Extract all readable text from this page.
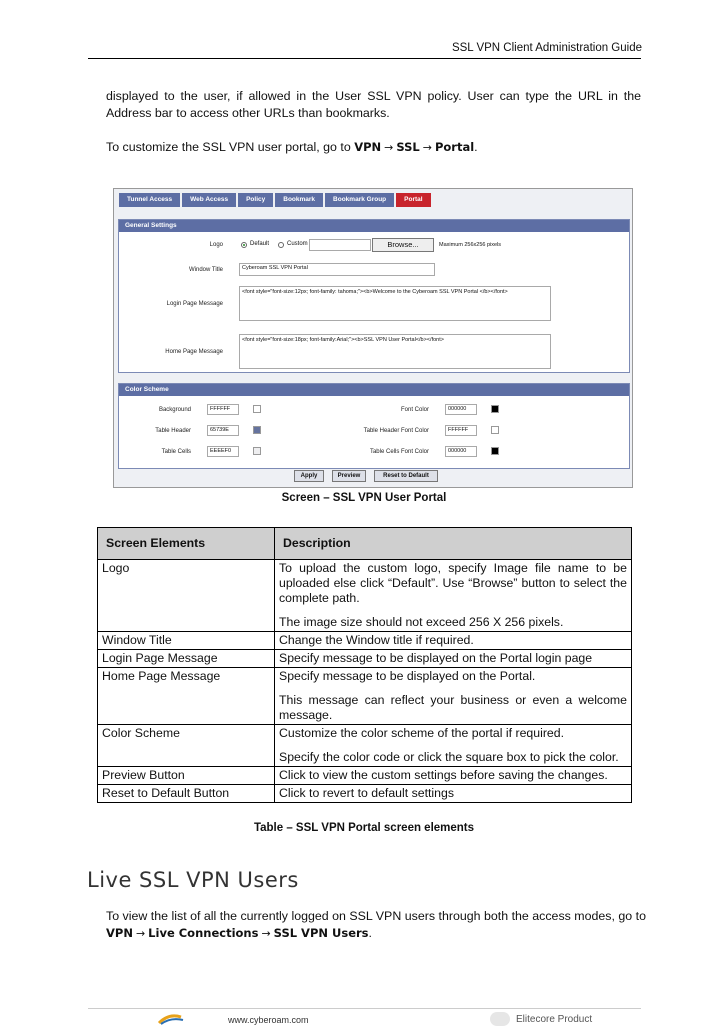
SSL VPN Client Administration Guide

displayed to the user, if allowed in the User SSL VPN policy. User can type the URL in the Address bar to access other URLs than bookmarks.

To customize the SSL VPN user portal, go to VPN → SSL → Portal.

Tunnel Access	Web Access	Policy	Bookmark	Bookmark Group	Portal
General Settings
Logo	Default	Custom	Browse...	Maximum 256x256 pixels
Window Title	Cyberoam SSL VPN Portal
Login Page Message
<font style="font-size:12px; font-family: tahoma;"><b>Welcome to the Cyberoam SSL VPN Portal </b></font>
Home Page Message
<font style="font-size:18px; font-family:Arial;"><b>SSL VPN User Portal</b></font>
Color Scheme
Background	FFFFFF
Table Header	65739E
Table Cells	EEEEF0
Font Color	000000
Table Header Font Color	FFFFFF
Table Cells Font Color	000000
Apply	Preview	Reset to Default
Screen – SSL VPN User Portal
Screen Elements	Description
Logo	To upload the custom logo, specify Image file name to be uploaded else click “Default”. Use “Browse” button to select the complete path.
The image size should not exceed 256 X 256 pixels.

Window Title	Change the Window title if required.
Login Page Message	Specify message to be displayed on the Portal login page
Home Page Message	Specify message to be displayed on the Portal.
This message can reflect your business or even a welcome message.

Color Scheme	Customize the color scheme of the portal if required.
Specify the color code or click the square box to pick the color.

Preview Button	Click to view the custom settings before saving the changes.
Reset to Default Button	Click to revert to default settings
Table – SSL VPN Portal screen elements
Live SSL VPN Users

To view the list of all the currently logged on SSL VPN users through both the access modes, go to VPN → Live Connections → SSL VPN Users.

www.cyberoam.com	Elitecore Product
